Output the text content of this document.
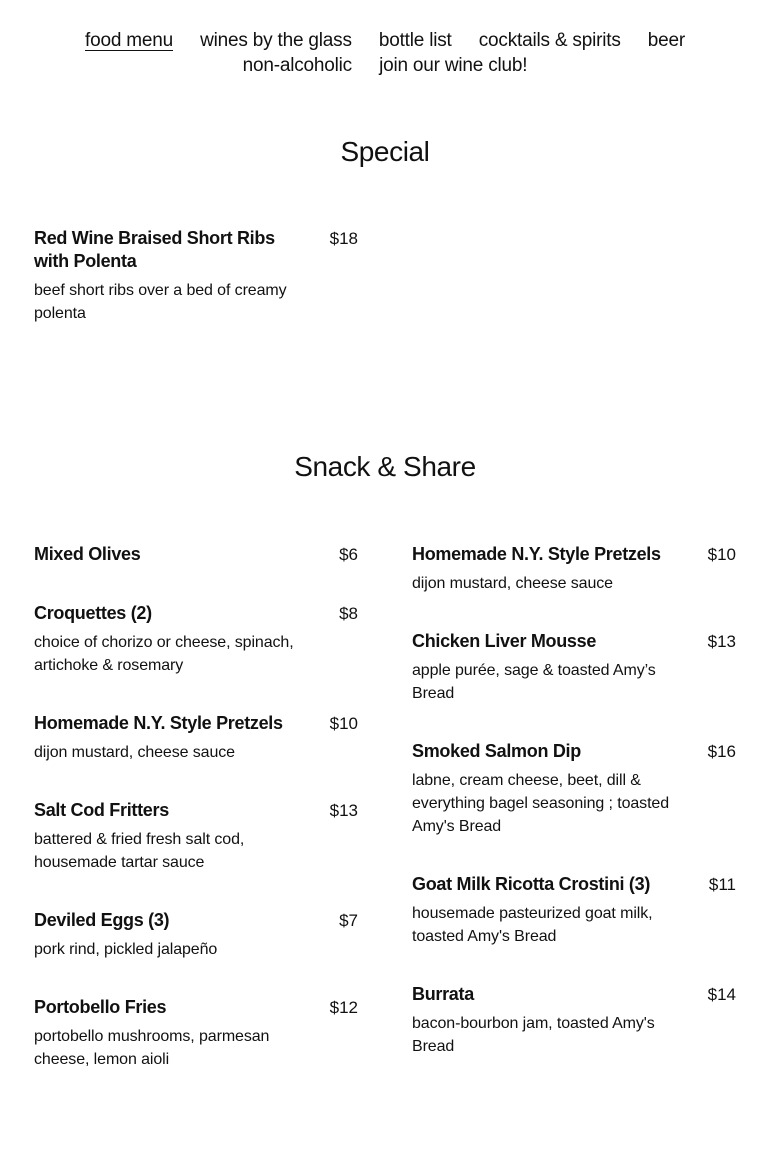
food menu wines by the glass bottle list cocktails & spirits beer
non-alcoholic join our wine club!
Special
Red Wine Braised Short Ribs with Polenta
$18
beef short ribs over a bed of creamy polenta
Snack & Share
Mixed Olives	$6
Croquettes (2)	$8
choice of chorizo or cheese, spinach, artichoke & rosemary
Homemade N.Y. Style Pretzels	$10
dijon mustard, cheese sauce
Salt Cod Fritters	$13
battered & fried fresh salt cod, housemade tartar sauce
Deviled Eggs (3)	$7
pork rind, pickled jalapeño
Portobello Fries	$12
portobello mushrooms, parmesan cheese, lemon aioli
Homemade N.Y. Style Pretzels	$10
dijon mustard, cheese sauce
Chicken Liver Mousse	$13
apple purée, sage & toasted Amy’s Bread
Smoked Salmon Dip	$16
labne, cream cheese, beet, dill & everything bagel seasoning ; toasted Amy's Bread
Goat Milk Ricotta Crostini (3)	$11
housemade pasteurized goat milk, toasted Amy's Bread
Burrata	$14
bacon-bourbon jam, toasted Amy's Bread
